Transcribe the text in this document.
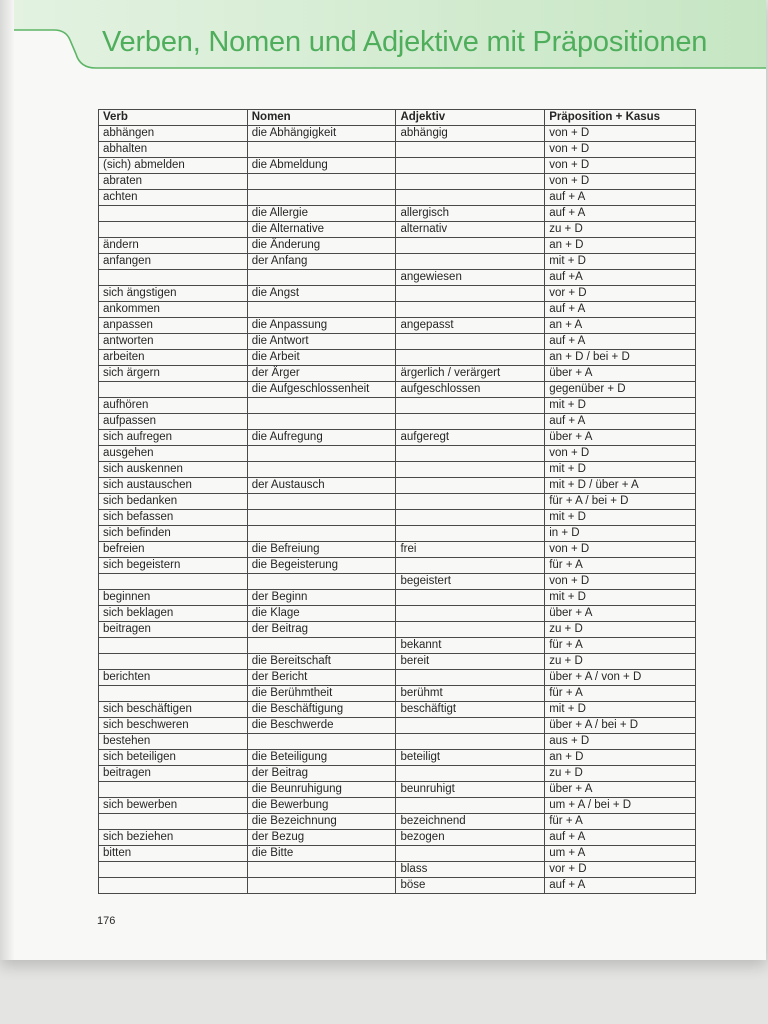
Verben, Nomen und Adjektive mit Präpositionen
Verb	Nomen	Adjektiv	Präposition + Kasus
abhängen	die Abhängigkeit	abhängig	von + D
abhalten			von + D
(sich) abmelden	die Abmeldung		von + D
abraten			von + D
achten			auf + A
	die Allergie	allergisch	auf + A
	die Alternative	alternativ	zu + D
ändern	die Änderung		an + D
anfangen	der Anfang		mit + D
		angewiesen	auf +A
sich ängstigen	die Angst		vor + D
ankommen			auf + A
anpassen	die Anpassung	angepasst	an + A
antworten	die Antwort		auf + A
arbeiten	die Arbeit		an + D / bei + D
sich ärgern	der Ärger	ärgerlich / verärgert	über + A
	die Aufgeschlossenheit	aufgeschlossen	gegenüber + D
aufhören			mit + D
aufpassen			auf + A
sich aufregen	die Aufregung	aufgeregt	über + A
ausgehen			von + D
sich auskennen			mit + D
sich austauschen	der Austausch		mit + D / über + A
sich bedanken			für + A / bei + D
sich befassen			mit + D
sich befinden			in + D
befreien	die Befreiung	frei	von + D
sich begeistern	die Begeisterung		für + A
		begeistert	von + D
beginnen	der Beginn		mit + D
sich beklagen	die Klage		über + A
beitragen	der Beitrag		zu + D
		bekannt	für + A
	die Bereitschaft	bereit	zu + D
berichten	der Bericht		über + A / von + D
	die Berühmtheit	berühmt	für + A
sich beschäftigen	die Beschäftigung	beschäftigt	mit + D
sich beschweren	die Beschwerde		über + A / bei + D
bestehen			aus + D
sich beteiligen	die Beteiligung	beteiligt	an + D
beitragen	der Beitrag		zu + D
	die Beunruhigung	beunruhigt	über + A
sich bewerben	die Bewerbung		um + A / bei + D
	die Bezeichnung	bezeichnend	für + A
sich beziehen	der Bezug	bezogen	auf + A
bitten	die Bitte		um + A
		blass	vor + D
		böse	auf + A
176
